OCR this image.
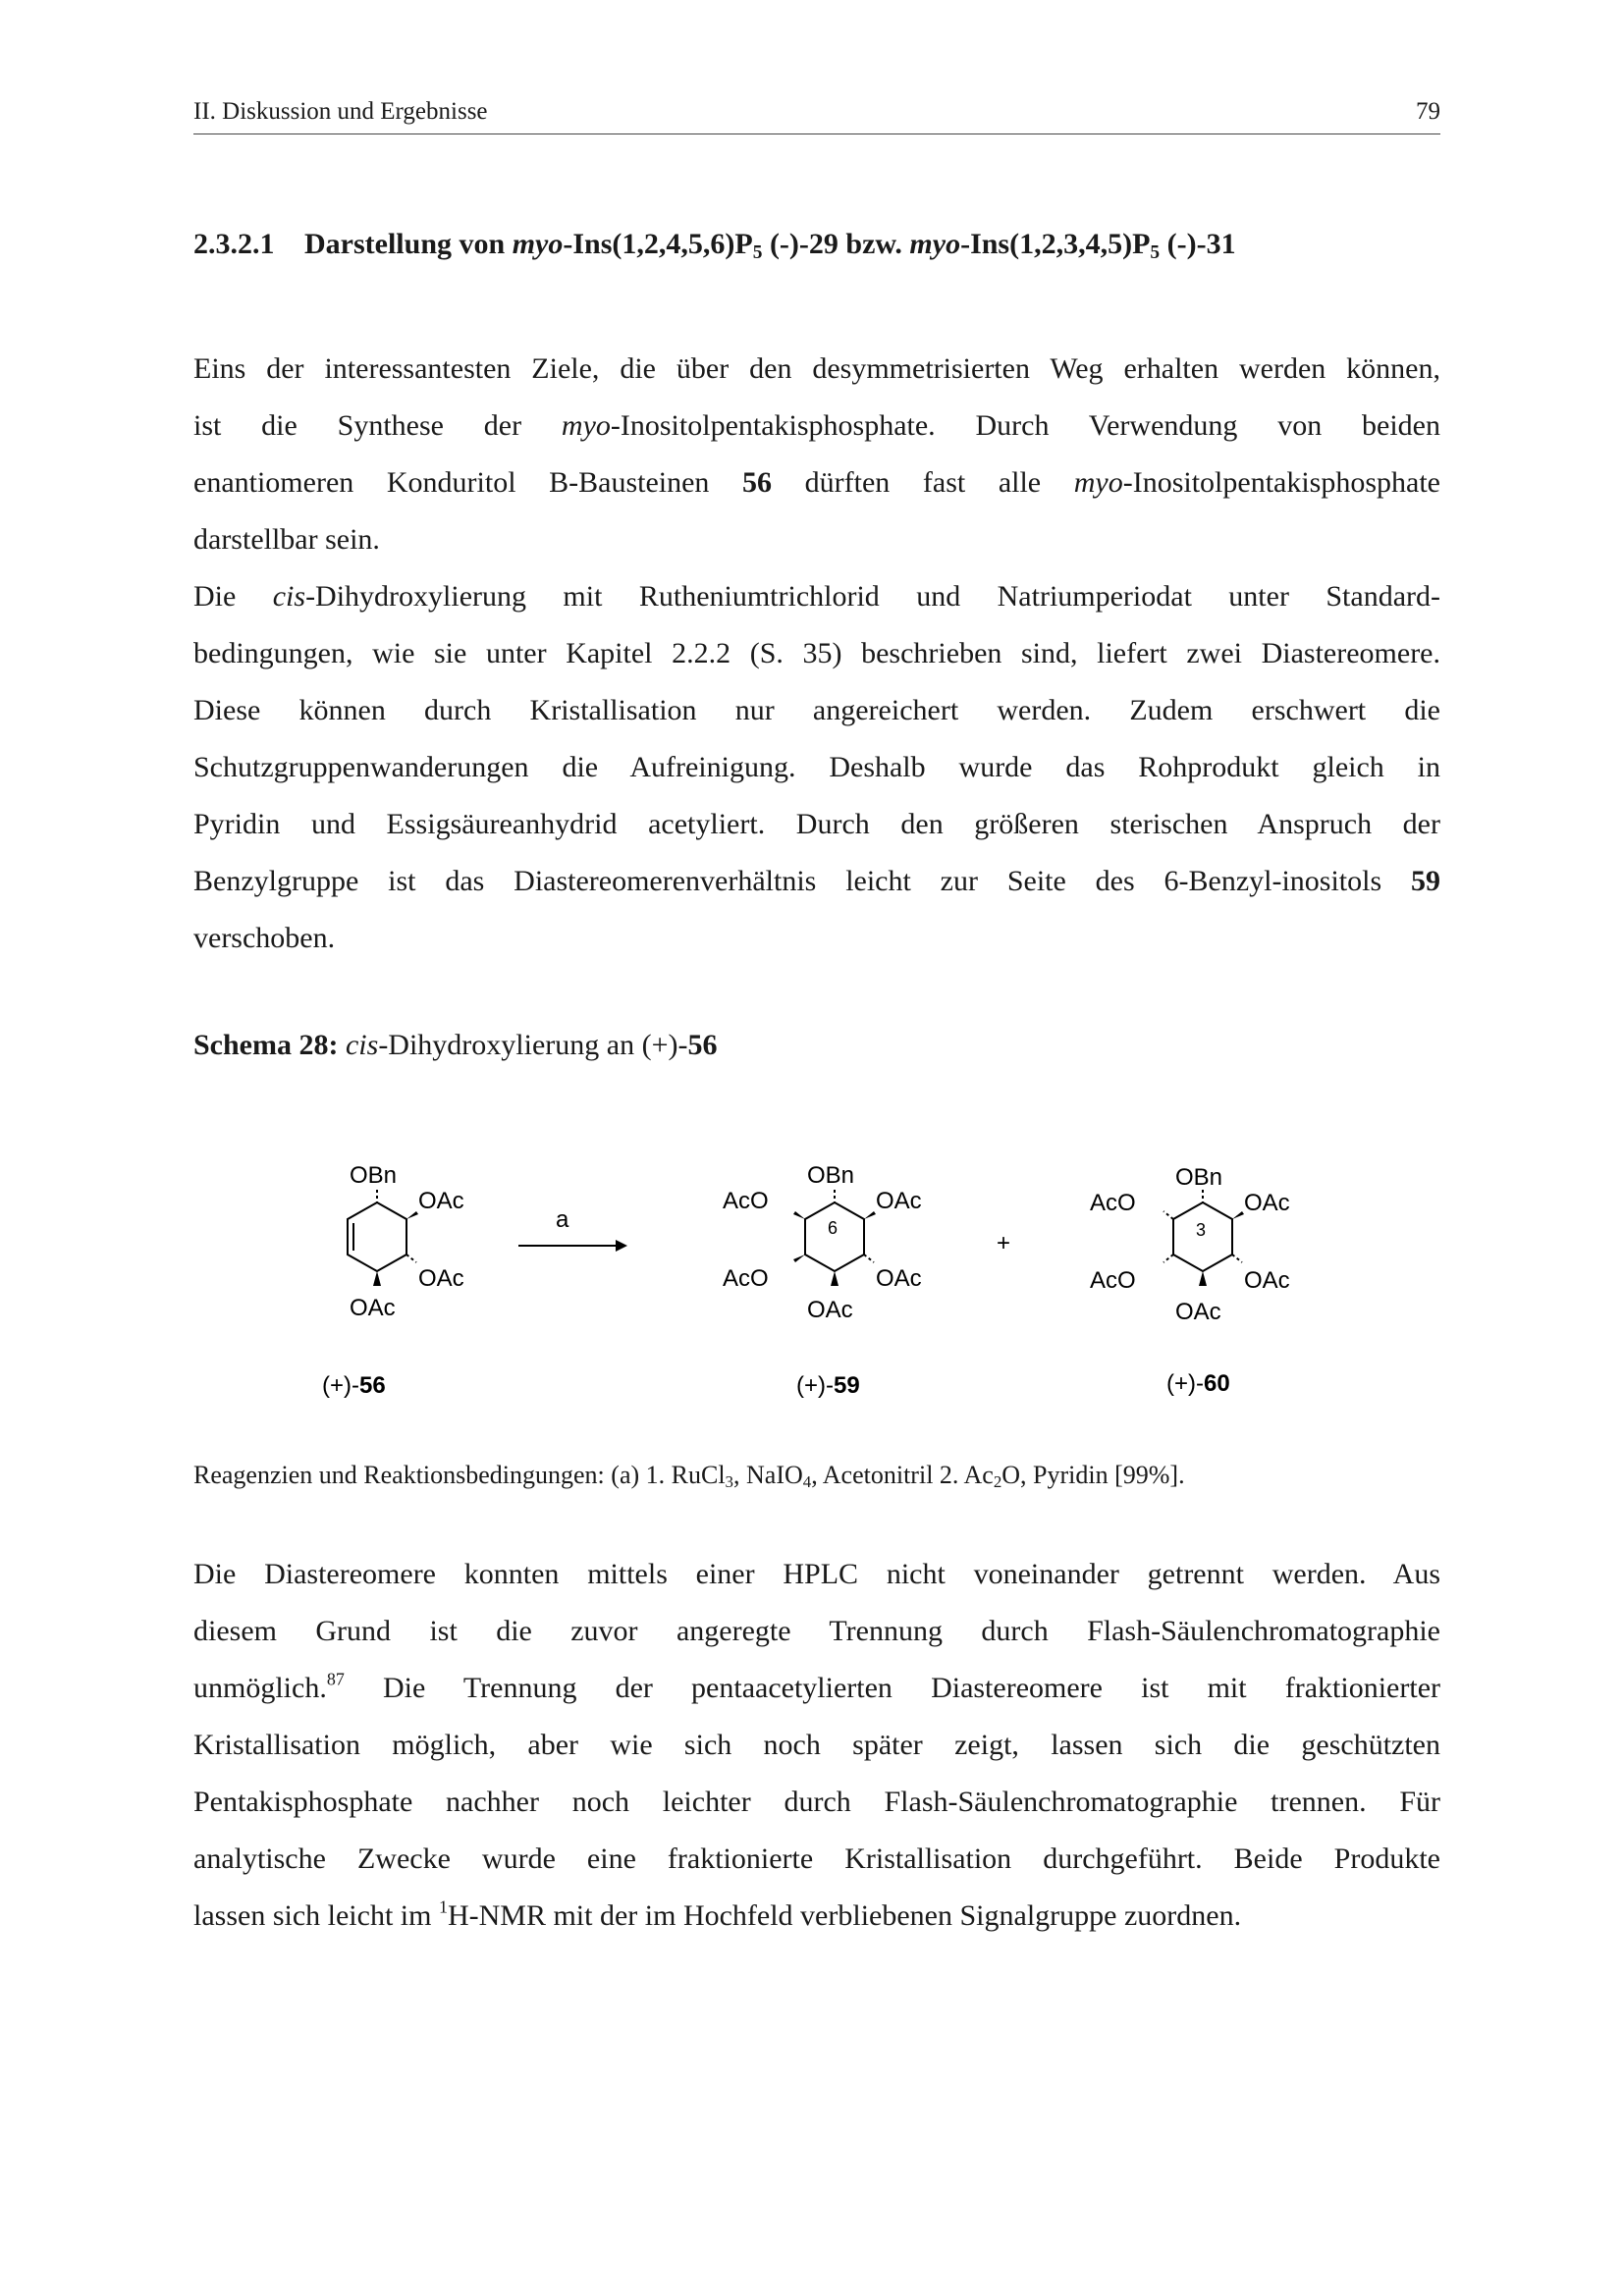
II. Diskussion und Ergebnisse	79
2.3.2.1 Darstellung von myo-$Ins(1,2,4,5,6)P_5$ (-)-29 bzw. myo-$Ins(1,2,3,4,5)P_5$ (-)-31

Eins der interessantesten Ziele, die über den desymmetrisierten Weg erhalten werden können,

ist die Synthese der myo-Inositolpentakisphosphate. Durch Verwendung von beiden

enantiomeren Konduritol B-Bausteinen 56 dürften fast alle myo-Inositolpentakisphosphate

darstellbar sein.

Die cis-Dihydroxylierung mit Rutheniumtrichlorid und Natriumperiodat unter Standard-

bedingungen, wie sie unter Kapitel 2.2.2 (S. 35) beschrieben sind, liefert zwei Diastereomere.

Diese können durch Kristallisation nur angereichert werden. Zudem erschwert die

Schutzgruppenwanderungen die Aufreinigung. Deshalb wurde das Rohprodukt gleich in

Pyridin und Essigsäureanhydrid acetyliert. Durch den größeren sterischen Anspruch der

Benzylgruppe ist das Diastereomerenverhältnis leicht zur Seite des 6-Benzyl-inositols 59

verschoben.

Schema 28: cis-Dihydroxylierung an (+)-56
OBn
OAc
OAc
OAc
a
OBn
OAc
OAc
AcO
AcO
OAc
6
+
OBn
OAc
OAc
AcO
AcO
OAc
3
(+)-56	(+)-59	(+)-60
Reagenzien und Reaktionsbedingungen: (a) 1. RuCl$_3$, NaIO$_4$, Acetonitril 2. $Ac_2O$, Pyridin [99%].

Die Diastereomere konnten mittels einer HPLC nicht voneinander getrennt werden. Aus

diesem Grund ist die zuvor angeregte Trennung durch Flash-Säulenchromatographie

unmöglich.$^{87}$ Die Trennung der pentaacetylierten Diastereomere ist mit fraktionierter

Kristallisation möglich, aber wie sich noch später zeigt, lassen sich die geschützten

Pentakisphosphate nachher noch leichter durch Flash-Säulenchromatographie trennen. Für

analytische Zwecke wurde eine fraktionierte Kristallisation durchgeführt. Beide Produkte

lassen sich leicht im $^1$H-NMR mit der im Hochfeld verbliebenen Signalgruppe zuordnen.
